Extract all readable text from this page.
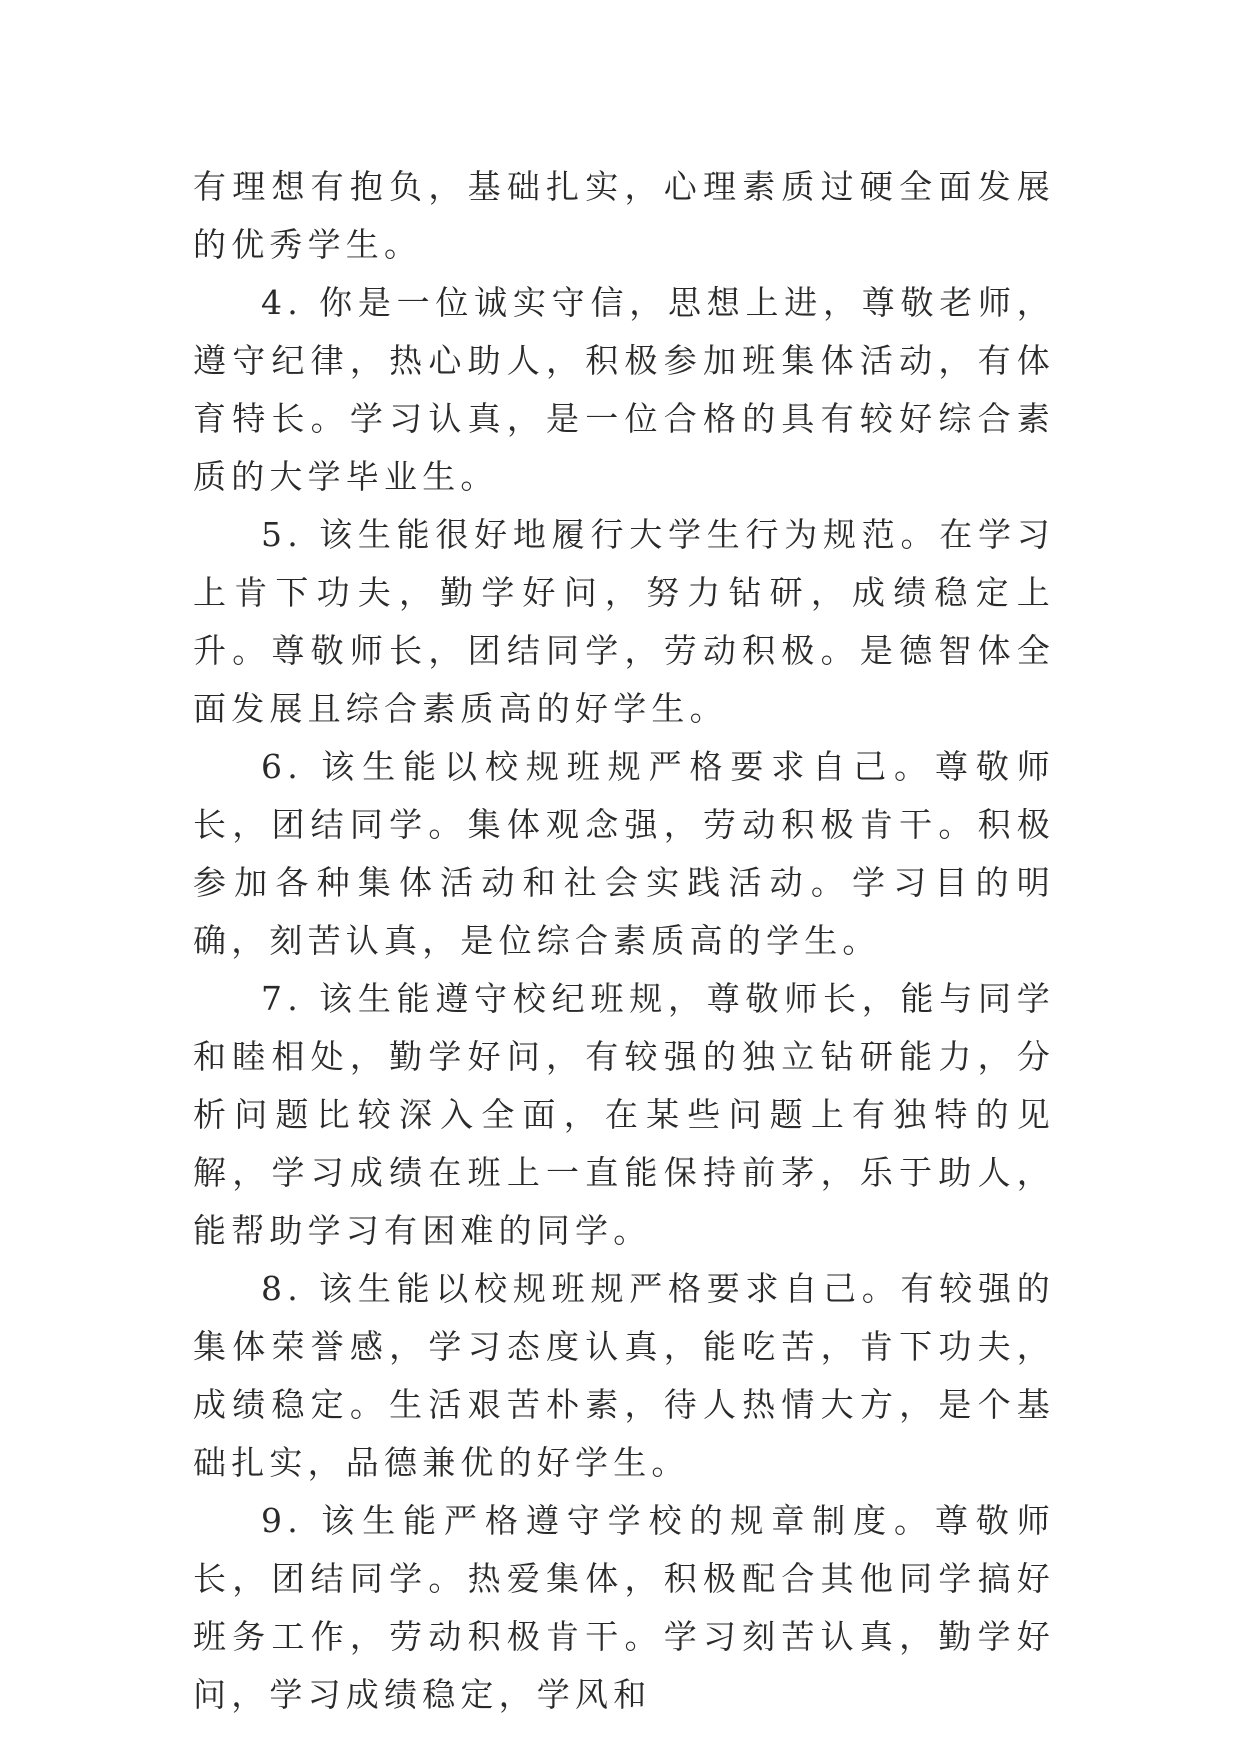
有理想有抱负，基础扎实，心理素质过硬全面发展的优秀学生。

4. 你是一位诚实守信，思想上进，尊敬老师，遵守纪律，热心助人，积极参加班集体活动，有体育特长。学习认真，是一位合格的具有较好综合素质的大学毕业生。

5. 该生能很好地履行大学生行为规范。在学习上肯下功夫，勤学好问，努力钻研，成绩稳定上升。尊敬师长，团结同学，劳动积极。是德智体全面发展且综合素质高的好学生。

6. 该生能以校规班规严格要求自己。尊敬师长，团结同学。集体观念强，劳动积极肯干。积极参加各种集体活动和社会实践活动。学习目的明确，刻苦认真，是位综合素质高的学生。

7. 该生能遵守校纪班规，尊敬师长，能与同学和睦相处，勤学好问，有较强的独立钻研能力，分析问题比较深入全面，在某些问题上有独特的见解，学习成绩在班上一直能保持前茅，乐于助人，能帮助学习有困难的同学。

8. 该生能以校规班规严格要求自己。有较强的集体荣誉感，学习态度认真，能吃苦，肯下功夫，成绩稳定。生活艰苦朴素，待人热情大方，是个基础扎实，品德兼优的好学生。

9. 该生能严格遵守学校的规章制度。尊敬师长，团结同学。热爱集体，积极配合其他同学搞好班务工作，劳动积极肯干。学习刻苦认真，勤学好问，学习成绩稳定，学风和
